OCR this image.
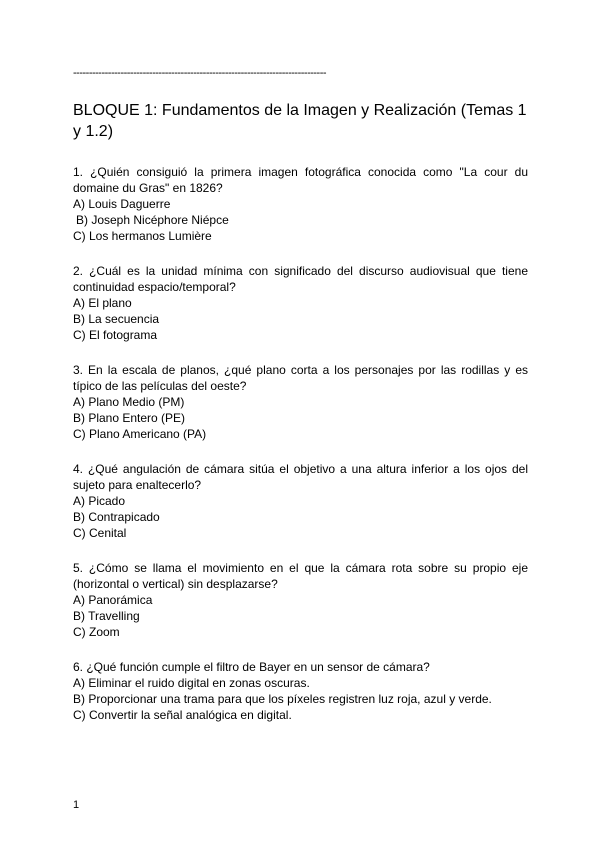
--------------------------------------------------------------------------------
BLOQUE 1: Fundamentos de la Imagen y Realización (Temas 1 y 1.2)
1. ¿Quién consiguió la primera imagen fotográfica conocida como "La cour du domaine du Gras" en 1826?
A) Louis Daguerre
B) Joseph Nicéphore Niépce
C) Los hermanos Lumière
2. ¿Cuál es la unidad mínima con significado del discurso audiovisual que tiene continuidad espacio/temporal?
A) El plano
B) La secuencia
C) El fotograma
3. En la escala de planos, ¿qué plano corta a los personajes por las rodillas y es típico de las películas del oeste?
A) Plano Medio (PM)
B) Plano Entero (PE)
C) Plano Americano (PA)
4. ¿Qué angulación de cámara sitúa el objetivo a una altura inferior a los ojos del sujeto para enaltecerlo?
A) Picado
B) Contrapicado
C) Cenital
5. ¿Cómo se llama el movimiento en el que la cámara rota sobre su propio eje (horizontal o vertical) sin desplazarse?
A) Panorámica
B) Travelling
C) Zoom
6. ¿Qué función cumple el filtro de Bayer en un sensor de cámara?
A) Eliminar el ruido digital en zonas oscuras.
B) Proporcionar una trama para que los píxeles registren luz roja, azul y verde.
C) Convertir la señal analógica en digital.
1
